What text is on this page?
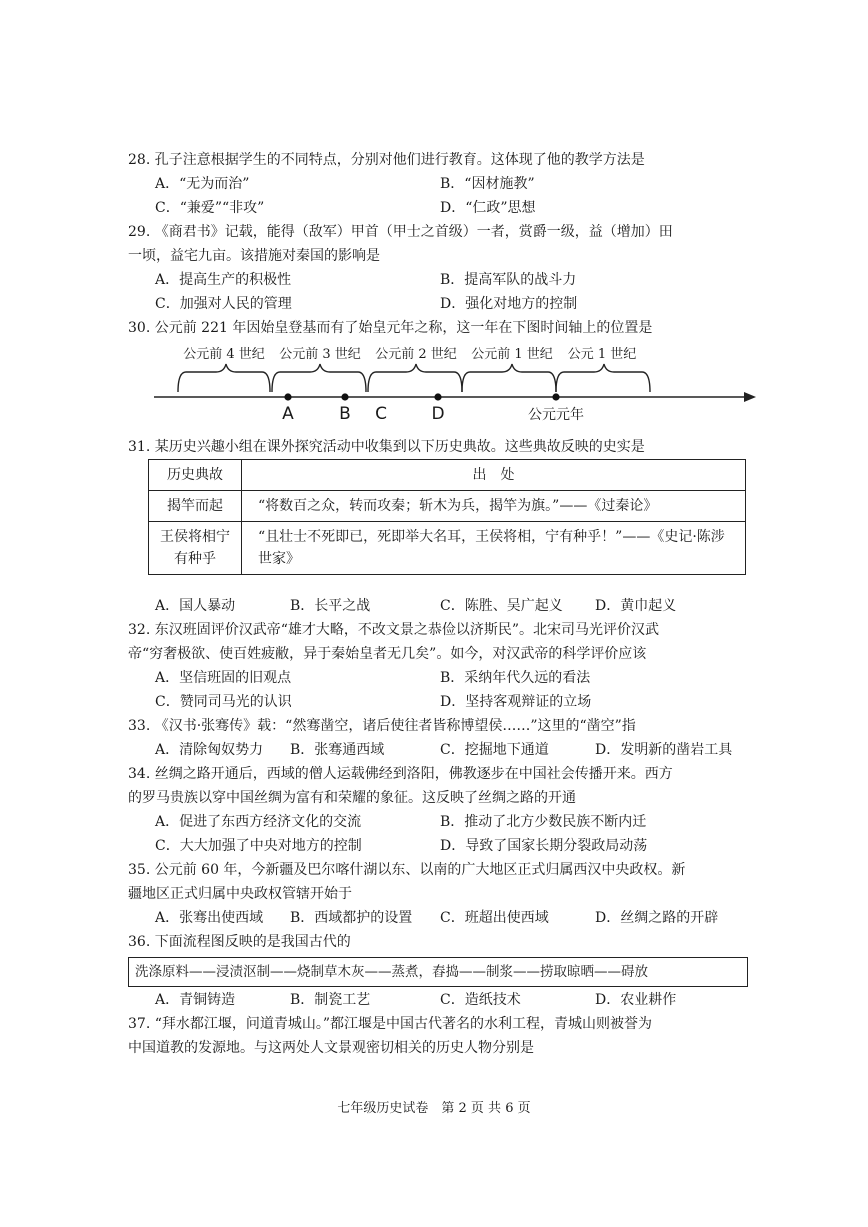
28. 孔子注意根据学生的不同特点，分别对他们进行教育。这体现了他的教学方法是
A．“无为而治”	B．“因材施教”
C．“兼爱”“非攻”	D．“仁政”思想
29. 《商君书》记载，能得（敌军）甲首（甲士之首级）一者，赏爵一级，益（增加）田
一顷，益宅九亩。该措施对秦国的影响是
A．提高生产的积极性	B．提高军队的战斗力
C．加强对人民的管理	D．强化对地方的控制
30. 公元前 221 年因始皇登基而有了始皇元年之称，这一年在下图时间轴上的位置是
公元前 4 世纪 公元前 3 世纪 公元前 2 世纪 公元前 1 世纪 公元 1 世纪
A	B C	D	公元元年
31. 某历史兴趣小组在课外探究活动中收集到以下历史典故。这些典故反映的史实是
历史典故	出　处
揭竿而起	“将数百之众，转而攻秦；斩木为兵，揭竿为旗。”——《过秦论》
王侯将相宁有种乎	“且壮士不死即已，死即举大名耳，王侯将相，宁有种乎！”——《史记·陈涉世家》
A．国人暴动	B．长平之战	C．陈胜、吴广起义 D．黄巾起义
32. 东汉班固评价汉武帝“雄才大略，不改文景之恭俭以济斯民”。北宋司马光评价汉武
帝“穷奢极欲、使百姓疲敝，异于秦始皇者无几矣”。如今，对汉武帝的科学评价应该
A．坚信班固的旧观点	B．采纳年代久远的看法
C．赞同司马光的认识	D．坚持客观辩证的立场
33. 《汉书·张骞传》载：“然骞凿空，诸后使往者皆称博望侯……”这里的“凿空”指
A．清除匈奴势力 B．张骞通西域	C．挖掘地下通道	D．发明新的凿岩工具
34. 丝绸之路开通后，西域的僧人运载佛经到洛阳，佛教逐步在中国社会传播开来。西方
的罗马贵族以穿中国丝绸为富有和荣耀的象征。这反映了丝绸之路的开通
A．促进了东西方经济文化的交流	B．推动了北方少数民族不断内迁
C．大大加强了中央对地方的控制	D．导致了国家长期分裂政局动荡
35. 公元前 60 年，今新疆及巴尔喀什湖以东、以南的广大地区正式归属西汉中央政权。新
疆地区正式归属中央政权管辖开始于
A．张骞出使西域 B．西域都护的设置 C．班超出使西域	D．丝绸之路的开辟
36. 下面流程图反映的是我国古代的
洗涤原料——浸渍沤制——烧制草木灰——蒸煮，舂捣——制浆——捞取晾晒——碍放
A．青铜铸造	B．制瓷工艺	C．造纸技术	D．农业耕作
37. “拜水都江堰，问道青城山。”都江堰是中国古代著名的水利工程，青城山则被誉为
中国道教的发源地。与这两处人文景观密切相关的历史人物分别是
七年级历史试卷　第 2 页 共 6 页
